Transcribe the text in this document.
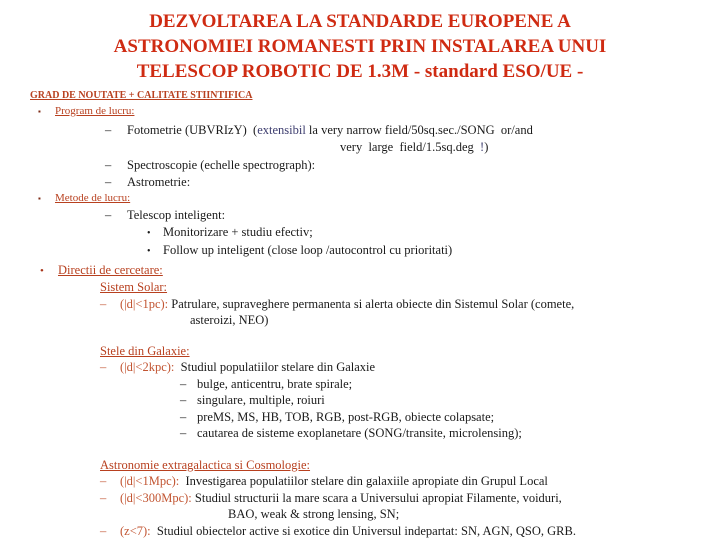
DEZVOLTAREA LA STANDARDE EUROPENE A
ASTRONOMIEI ROMANESTI PRIN INSTALAREA UNUI
TELESCOP ROBOTIC DE 1.3M - standard ESO/UE -
GRAD DE NOUTATE + CALITATE STIINTIFICA
▪	Program de lucru:
–	Fotometrie (UBVRIzY)  (extensibil la very narrow field/50sq.sec./SONG  or/and
very  large  field/1.5sq.deg ! )
–	Spectroscopie (echelle spectrograph):
–	Astrometrie:
▪	Metode de lucru:
–	Telescop inteligent:
• Monitorizare + studiu efectiv;
• Follow up inteligent (close loop /autocontrol cu prioritati)
•	Directii de cercetare:
Sistem Solar:
–	(|d|<1pc): Patrulare, supraveghere permanenta si alerta obiecte din Sistemul Solar (comete,
asteroizi, NEO)
Stele din Galaxie:
–	(|d|<2kpc):  Studiul populatiilor stelare din Galaxie
– bulge, anticentru, brate spirale;
– singulare, multiple, roiuri
– preMS, MS, HB, TOB, RGB, post-RGB, obiecte colapsate;
– cautarea de sisteme exoplanetare (SONG/transite, microlensing);
Astronomie extragalactica si Cosmologie:
–	(|d|<1Mpc):  Investigarea populatiilor stelare din galaxiile apropiate din Grupul Local
–	(|d|<300Mpc): Studiul structurii la mare scara a Universului apropiat Filamente, voiduri,
BAO, weak & strong lensing, SN;
–	(z<7):  Studiul obiectelor active si exotice din Universul indepartat: SN, AGN, QSO, GRB.
